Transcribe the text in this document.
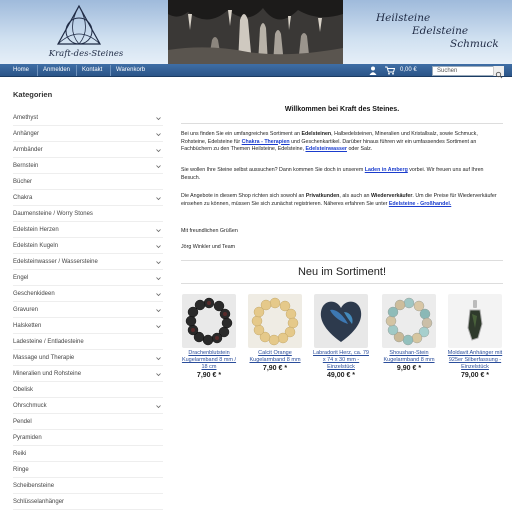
Kraft-des-Steines
Heilsteine
Edelsteine
Schmuck
Home Anmelden Kontakt Warenkorb	0,00 €	Suchen
Kategorien
Amethyst
Anhänger
Armbänder
Bernstein
Bücher
Chakra
Daumensteine / Worry Stones
Edelstein Herzen
Edelstein Kugeln
Edelsteinwasser / Wassersteine
Engel
Geschenkideen
Gravuren
Halsketten
Ladesteine / Entladesteine
Massage und Therapie
Mineralien und Rohsteine
Obelisk
Ohrschmuck
Pendel
Pyramiden
Reiki
Ringe
Scheibensteine
Schlüsselanhänger
Willkommen bei Kraft des Steines.
Bei uns finden Sie ein umfangreiches Sortiment an Edelsteinen, Halbedelsteinen, Mineralien und Kristallsalz, sowie Schmuck, Rohsteine, Edelsteine für Chakra - Therapien und Geschenkartikel. Darüber hinaus führen wir ein umfassendes Sortiment an Fachbüchern zu den Themen Heilsteine, Edelsteine, Edelsteinwasser oder Salz.
Sie wollen Ihre Steine selbst aussuchen? Dann kommen Sie doch in unserem Laden in Amberg vorbei. Wir freuen uns auf Ihren Besuch.
Die Angebote in diesem Shop richten sich sowohl an Privatkunden, als auch an Wiederverkäufer. Um die Preise für Wiederverkäufer einsehen zu können, müssen Sie sich zunächst registrieren. Näheres erfahren Sie unter Edelsteine - Großhandel.
Mit freundlichen Grüßen
Jörg Winkler und Team
Neu im Sortiment!
Drachenblutstein Kugelarmband 8 mm / 18 cm
7,90 € *
Calcit Orange Kugelarmband 8 mm
7,90 € *
Labradorit Herz, ca. 79 x 74 x 30 mm - Einzelstück
49,00 € *
Shoushan-Stein Kugelarmband 8 mm
9,90 € *
Moldavit Anhänger mit 925er Silberfassung - Einzelstück
79,00 € *
